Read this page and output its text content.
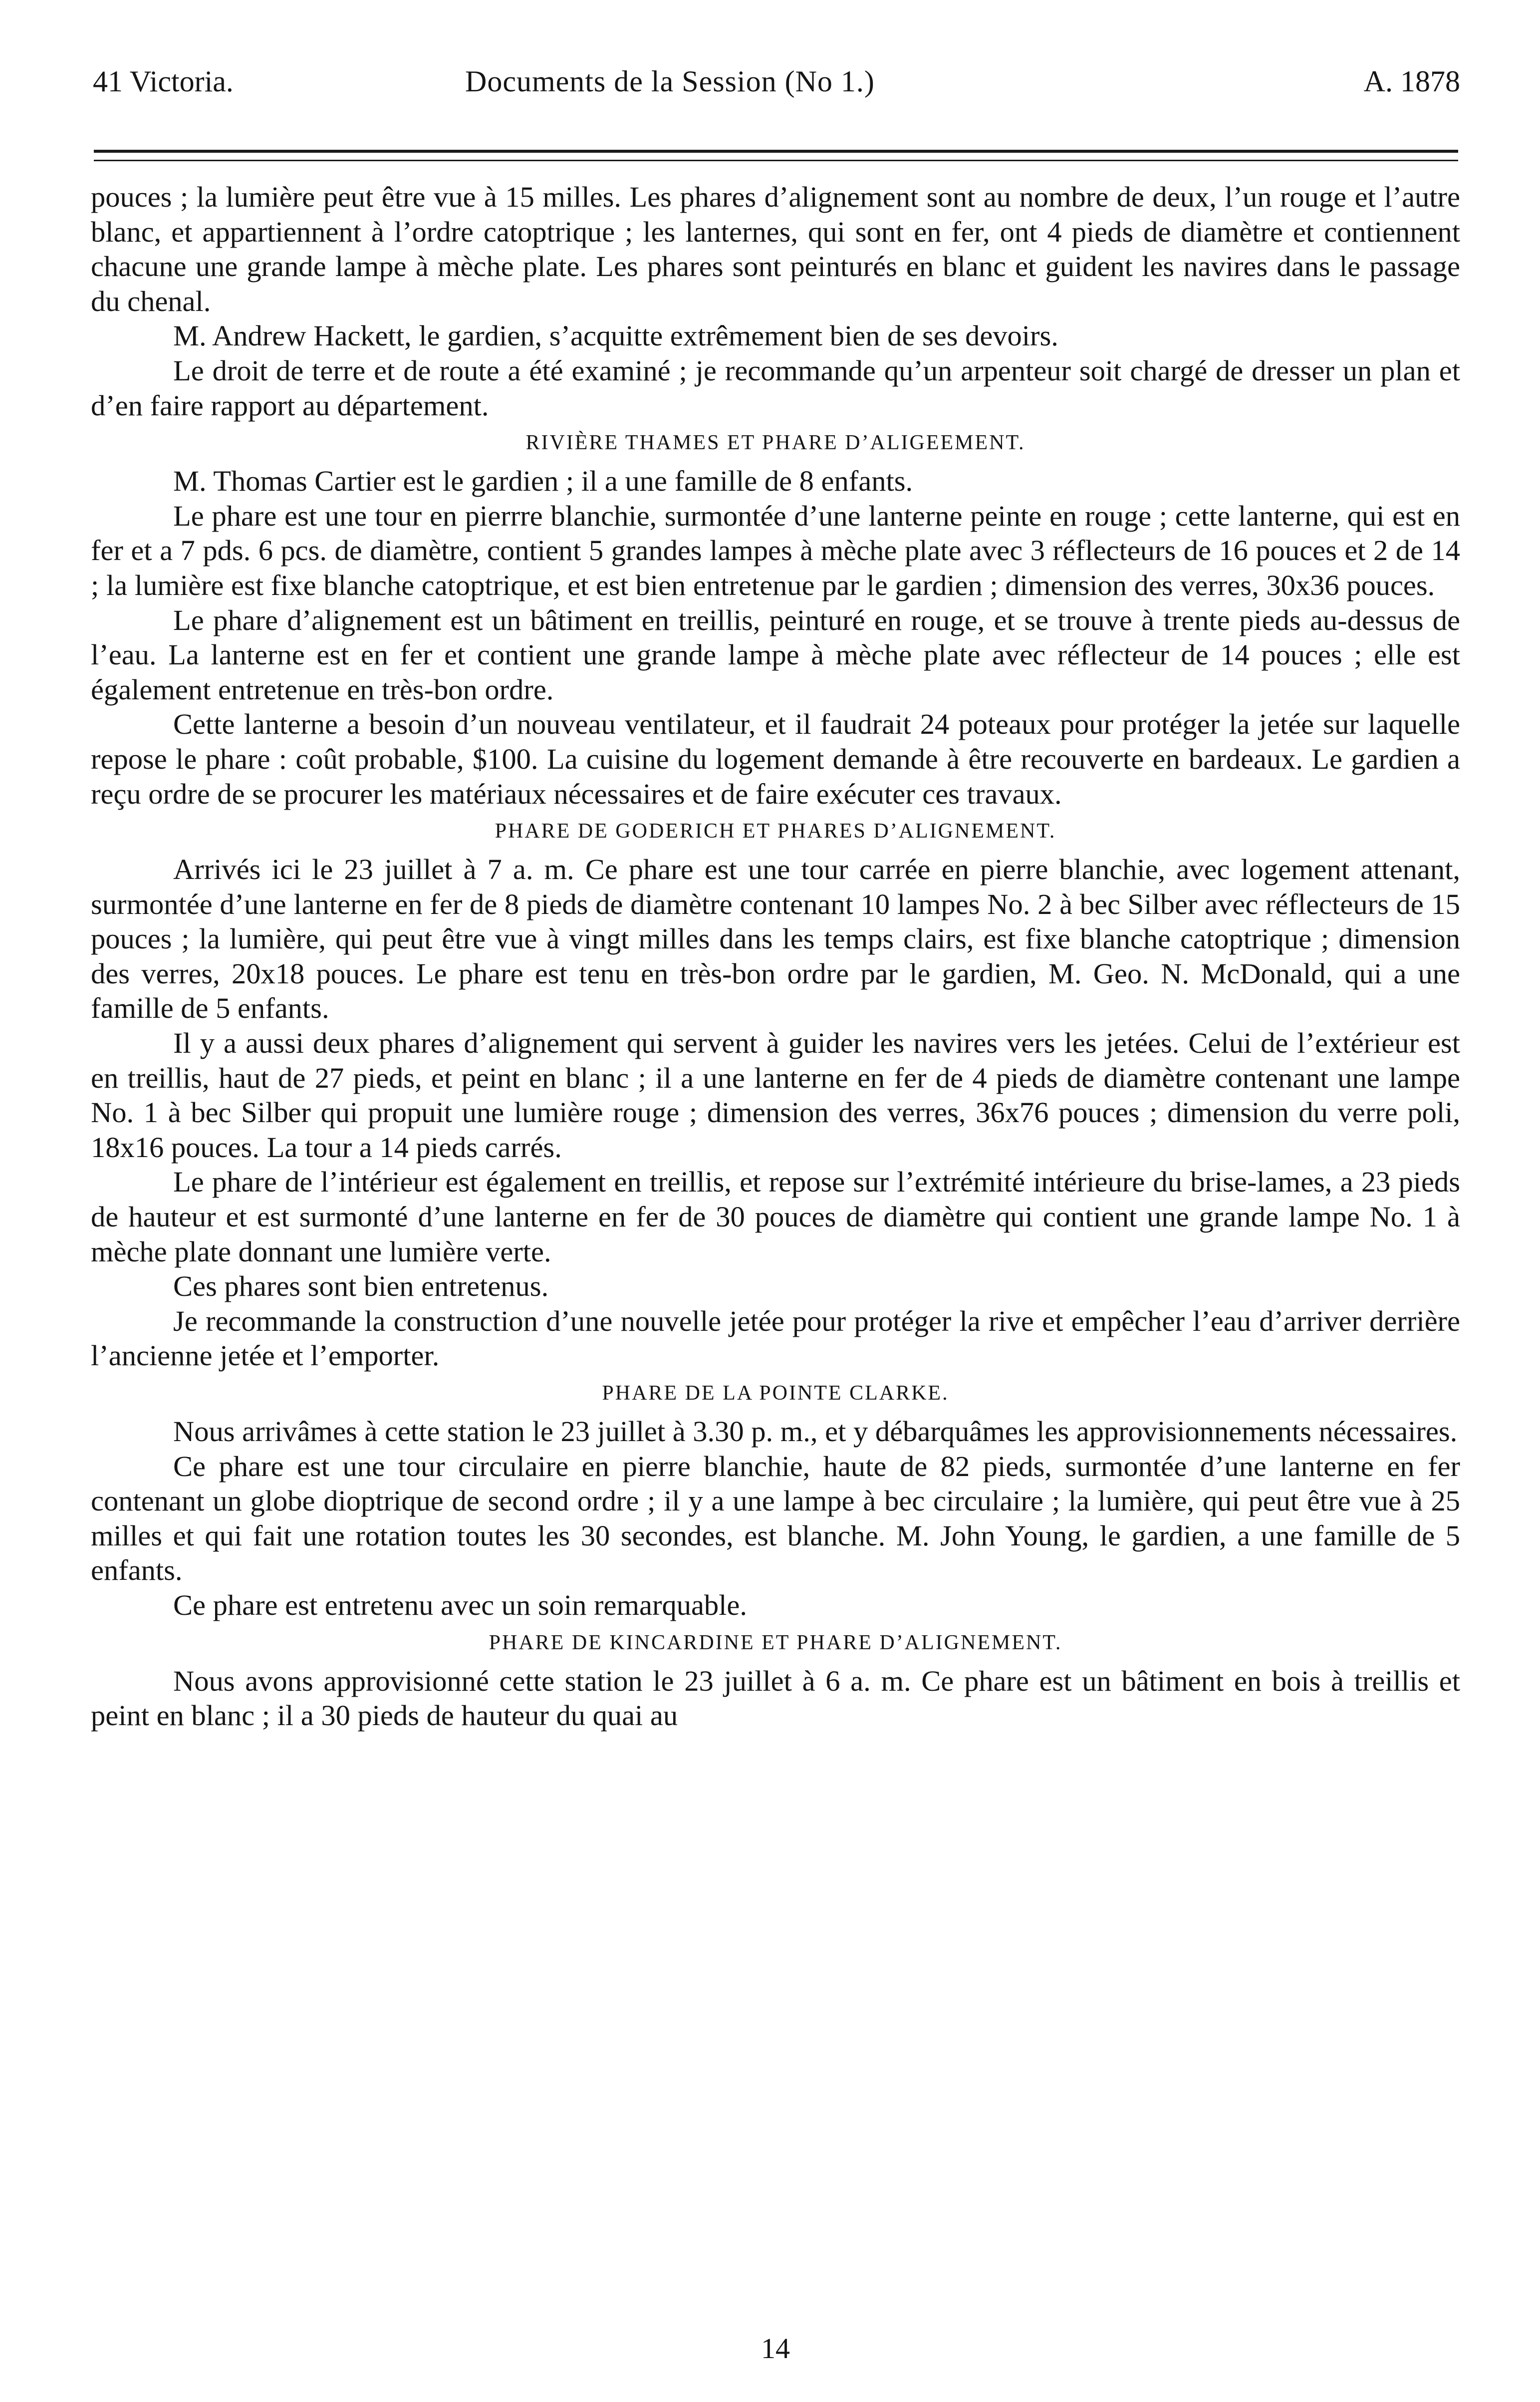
41 Victoria.	Documents de la Session (No 1.)	A. 1878

pouces ; la lumière peut être vue à 15 milles. Les phares d’alignement sont au nombre de deux, l’un rouge et l’autre blanc, et appartiennent à l’ordre catoptrique ; les lanternes, qui sont en fer, ont 4 pieds de diamètre et contiennent chacune une grande lampe à mèche plate. Les phares sont peinturés en blanc et guident les navires dans le passage du chenal.

M. Andrew Hackett, le gardien, s’acquitte extrêmement bien de ses devoirs.

Le droit de terre et de route a été examiné ; je recommande qu’un arpenteur soit chargé de dresser un plan et d’en faire rapport au département.

RIVIÈRE THAMES ET PHARE D’ALIGEEMENT.

M. Thomas Cartier est le gardien ; il a une famille de 8 enfants.

Le phare est une tour en pierrre blanchie, surmontée d’une lanterne peinte en rouge ; cette lanterne, qui est en fer et a 7 pds. 6 pcs. de diamètre, contient 5 grandes lampes à mèche plate avec 3 réflecteurs de 16 pouces et 2 de 14 ; la lumière est fixe blanche catoptrique, et est bien entretenue par le gardien ; dimension des verres, 30x36 pouces.

Le phare d’alignement est un bâtiment en treillis, peinturé en rouge, et se trouve à trente pieds au-dessus de l’eau. La lanterne est en fer et contient une grande lampe à mèche plate avec réflecteur de 14 pouces ; elle est également entretenue en très-bon ordre.

Cette lanterne a besoin d’un nouveau ventilateur, et il faudrait 24 poteaux pour protéger la jetée sur laquelle repose le phare : coût probable, $100. La cuisine du logement demande à être recouverte en bardeaux. Le gardien a reçu ordre de se procurer les matériaux nécessaires et de faire exécuter ces travaux.

PHARE DE GODERICH ET PHARES D’ALIGNEMENT.

Arrivés ici le 23 juillet à 7 a. m. Ce phare est une tour carrée en pierre blanchie, avec logement attenant, surmontée d’une lanterne en fer de 8 pieds de diamètre contenant 10 lampes No. 2 à bec Silber avec réflecteurs de 15 pouces ; la lumière, qui peut être vue à vingt milles dans les temps clairs, est fixe blanche catoptrique ; dimension des verres, 20x18 pouces. Le phare est tenu en très-bon ordre par le gardien, M. Geo. N. McDonald, qui a une famille de 5 enfants.

Il y a aussi deux phares d’alignement qui servent à guider les navires vers les jetées. Celui de l’extérieur est en treillis, haut de 27 pieds, et peint en blanc ; il a une lanterne en fer de 4 pieds de diamètre contenant une lampe No. 1 à bec Silber qui propuit une lumière rouge ; dimension des verres, 36x76 pouces ; dimension du verre poli, 18x16 pouces. La tour a 14 pieds carrés.

Le phare de l’intérieur est également en treillis, et repose sur l’extrémité intérieure du brise-lames, a 23 pieds de hauteur et est surmonté d’une lanterne en fer de 30 pouces de diamètre qui contient une grande lampe No. 1 à mèche plate donnant une lumière verte.

Ces phares sont bien entretenus.

Je recommande la construction d’une nouvelle jetée pour protéger la rive et empêcher l’eau d’arriver derrière l’ancienne jetée et l’emporter.

PHARE DE LA POINTE CLARKE.

Nous arrivâmes à cette station le 23 juillet à 3.30 p. m., et y débarquâmes les approvisionnements nécessaires.

Ce phare est une tour circulaire en pierre blanchie, haute de 82 pieds, surmontée d’une lanterne en fer contenant un globe dioptrique de second ordre ; il y a une lampe à bec circulaire ; la lumière, qui peut être vue à 25 milles et qui fait une rotation toutes les 30 secondes, est blanche. M. John Young, le gardien, a une famille de 5 enfants.

Ce phare est entretenu avec un soin remarquable.

PHARE DE KINCARDINE ET PHARE D’ALIGNEMENT.

Nous avons approvisionné cette station le 23 juillet à 6 a. m. Ce phare est un bâtiment en bois à treillis et peint en blanc ; il a 30 pieds de hauteur du quai au

14
